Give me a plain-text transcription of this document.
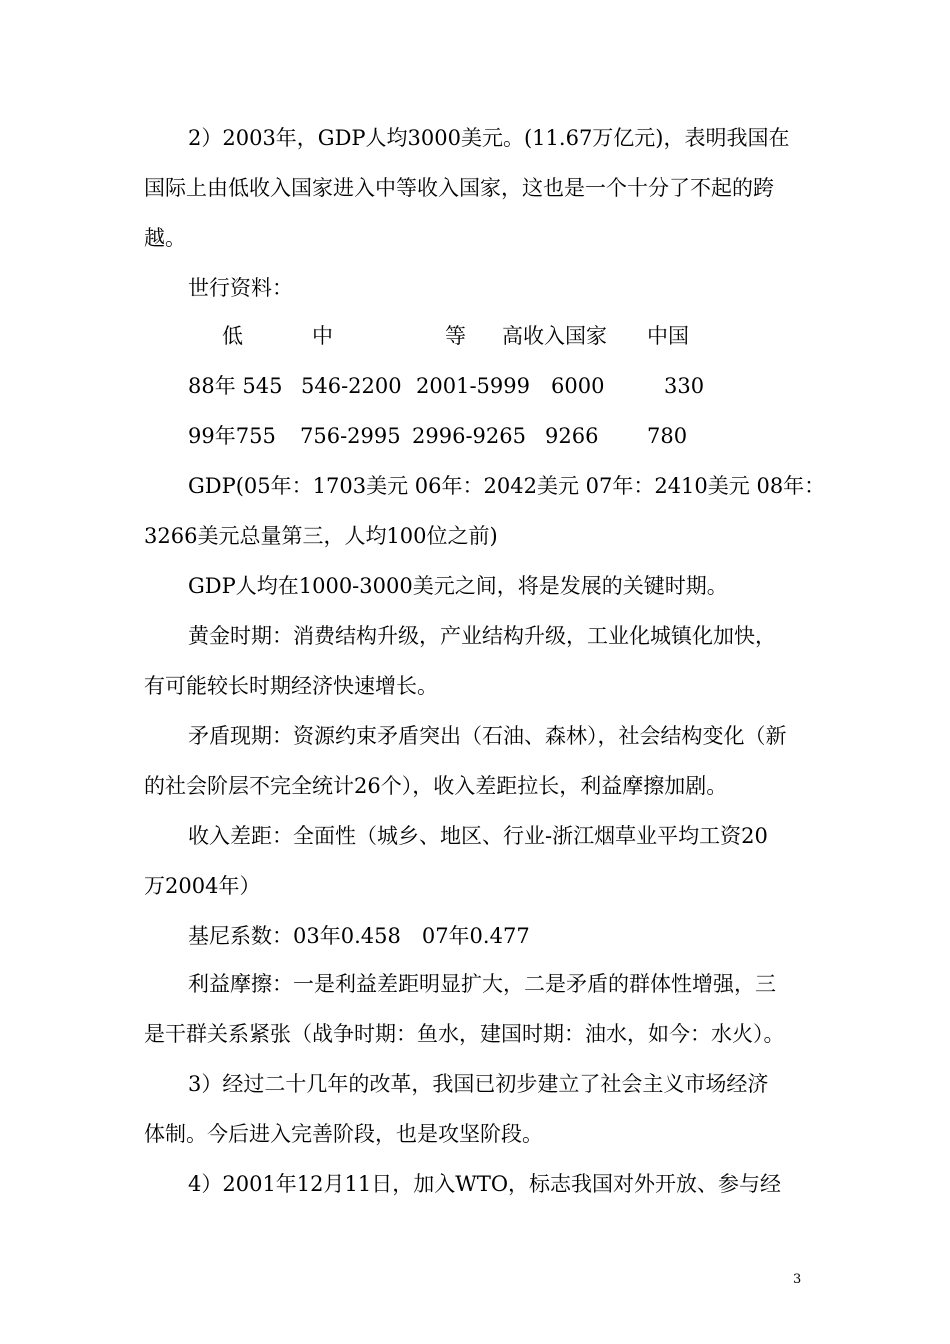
2）2003年，GDP人均3000美元。(11.67万亿元)，表明我国在
国际上由低收入国家进入中等收入国家，这也是一个十分了不起的跨
越。
世行资料：
低	中	等 高收入国家 中国
88年 545 546-2200 2001-5999 6000	330
99年755 756-2995 2996-9265 9266 780
GDP(05年：1703美元 06年：2042美元 07年：2410美元 08年：
3266美元总量第三，人均100位之前)
GDP人均在1000-3000美元之间，将是发展的关键时期。
黄金时期：消费结构升级，产业结构升级，工业化城镇化加快，
有可能较长时期经济快速增长。
矛盾现期：资源约束矛盾突出（石油、森林），社会结构变化（新
的社会阶层不完全统计26个），收入差距拉长，利益摩擦加剧。
收入差距：全面性（城乡、地区、行业-浙江烟草业平均工资20
万2004年）
基尼系数：03年0.458　07年0.477
利益摩擦：一是利益差距明显扩大，二是矛盾的群体性增强，三
是干群关系紧张（战争时期：鱼水，建国时期：油水，如今：水火）。
3）经过二十几年的改革，我国已初步建立了社会主义市场经济
体制。今后进入完善阶段，也是攻坚阶段。
4）2001年12月11日，加入WTO，标志我国对外开放、参与经
3
